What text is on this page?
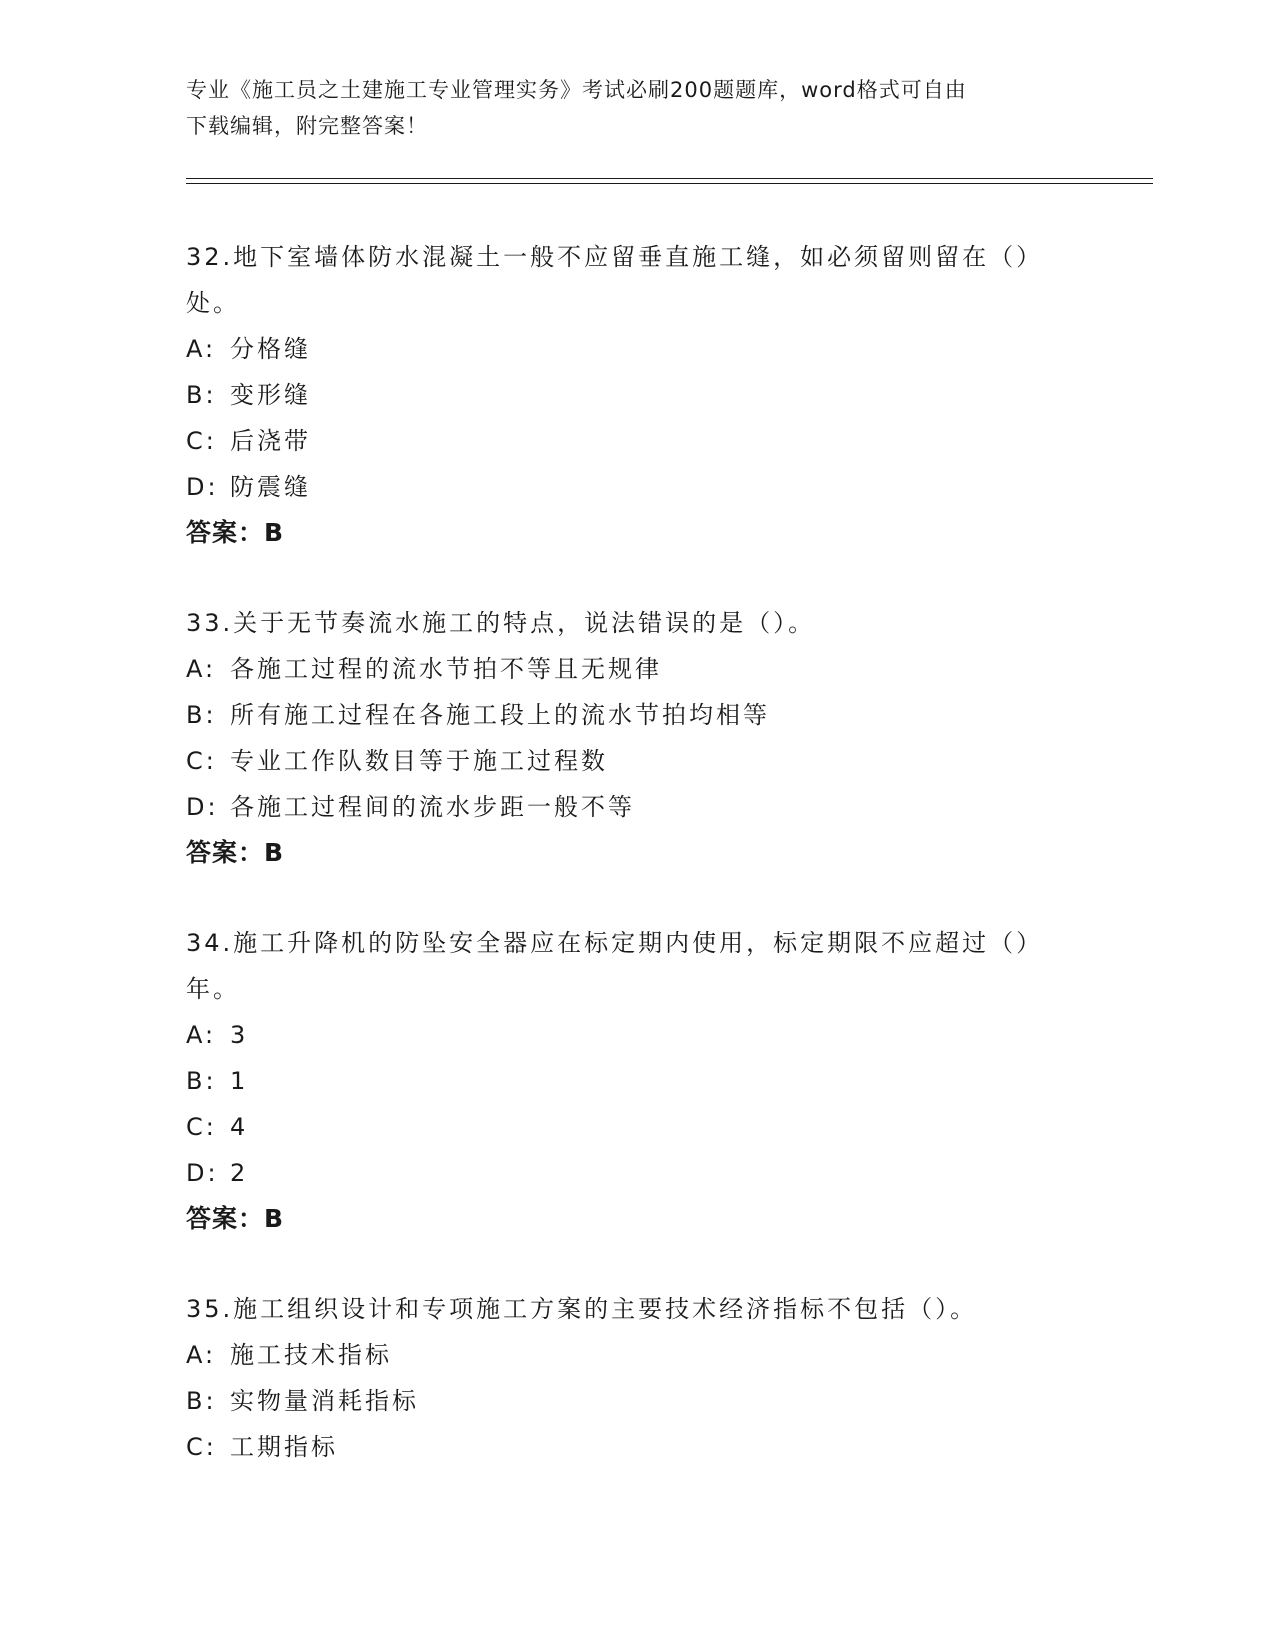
专业《施工员之土建施工专业管理实务》考试必刷200题题库，word格式可自由
下载编辑，附完整答案！

32.地下室墙体防水混凝土一般不应留垂直施工缝，如必须留则留在（）处。

A: 分格缝

B: 变形缝

C: 后浇带

D: 防震缝

答案：B

33.关于无节奏流水施工的特点，说法错误的是（）。

A: 各施工过程的流水节拍不等且无规律

B: 所有施工过程在各施工段上的流水节拍均相等

C: 专业工作队数目等于施工过程数

D: 各施工过程间的流水步距一般不等

答案：B

34.施工升降机的防坠安全器应在标定期内使用，标定期限不应超过（）年。

A: 3

B: 1

C: 4

D: 2

答案：B

35.施工组织设计和专项施工方案的主要技术经济指标不包括（）。

A: 施工技术指标

B: 实物量消耗指标

C: 工期指标
